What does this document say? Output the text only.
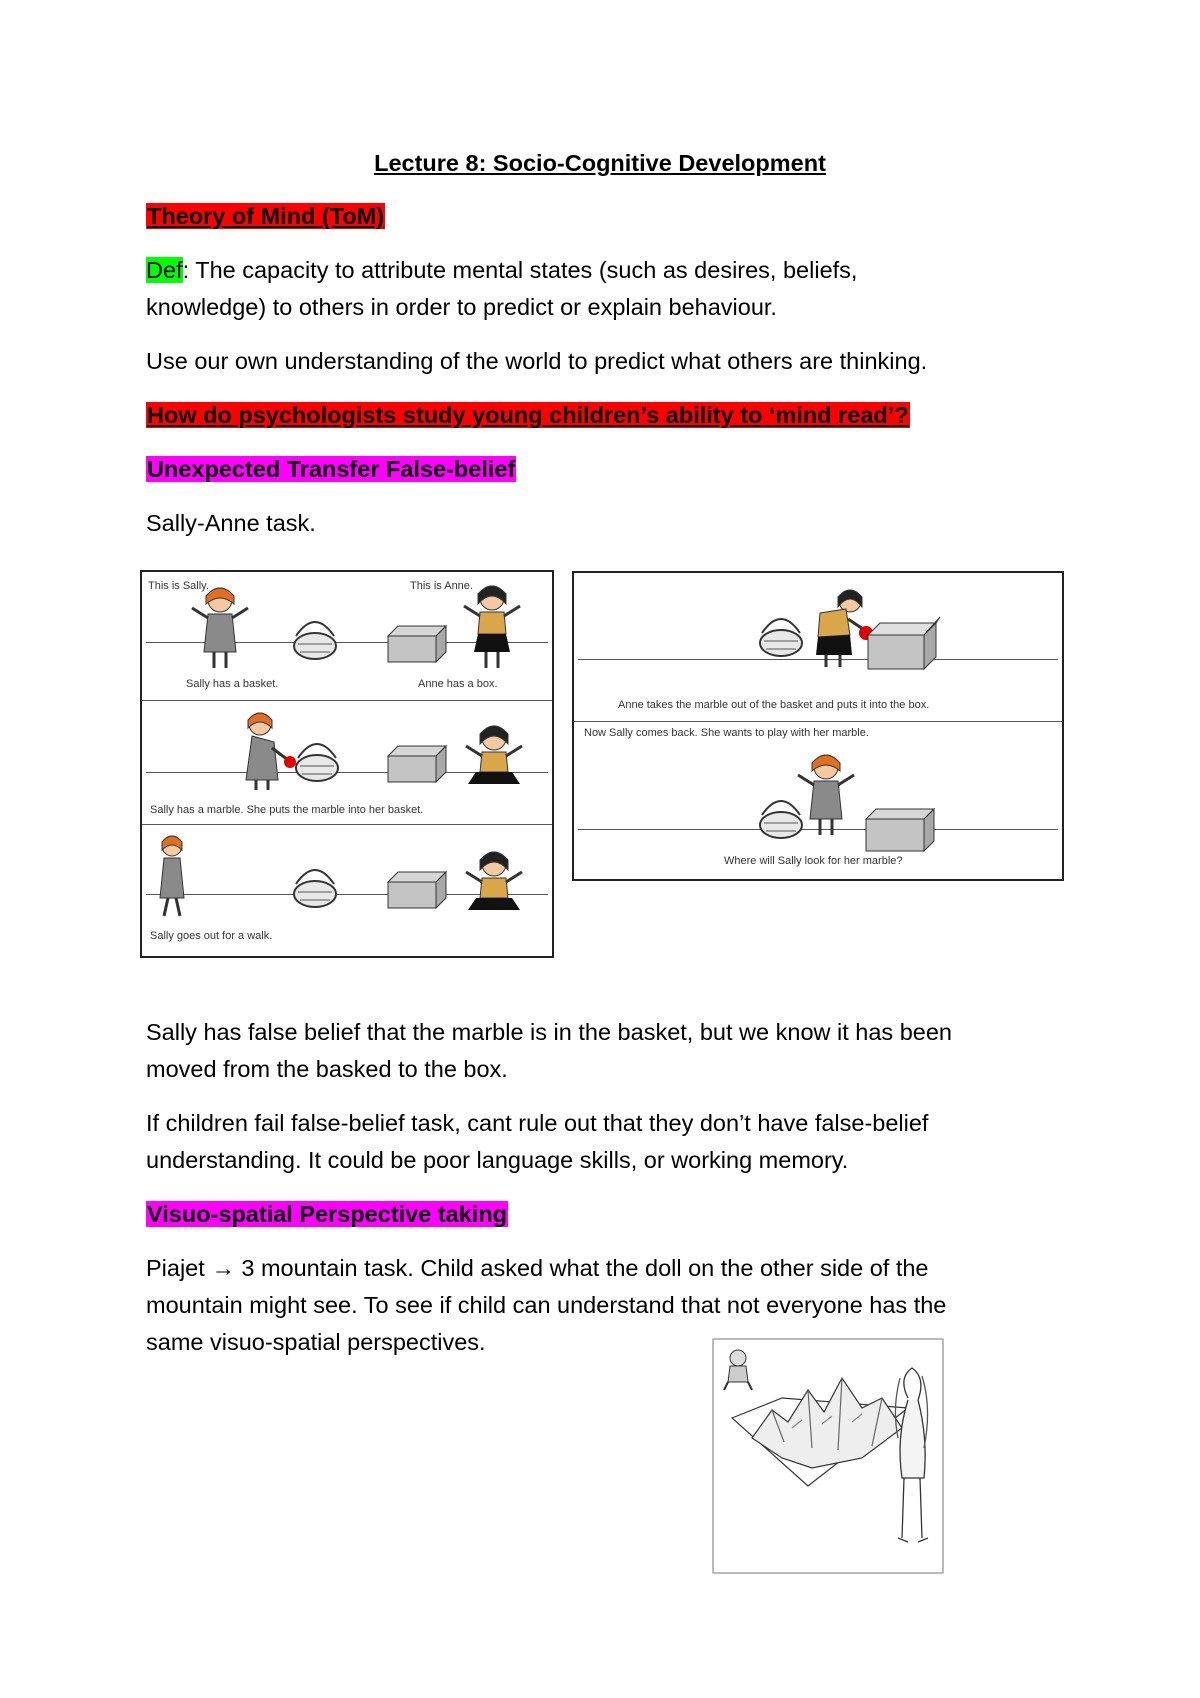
Lecture 8: Socio-Cognitive Development
Theory of Mind (ToM)
Def: The capacity to attribute mental states (such as desires, beliefs,
knowledge) to others in order to predict or explain behaviour.
Use our own understanding of the world to predict what others are thinking.
How do psychologists study young children’s ability to ‘mind read’?
Unexpected Transfer False-belief
Sally-Anne task.
This is Sally.	This is Anne.
Sally has a basket.	Anne has a box.
Sally has a marble. She puts the marble into her basket.
Sally goes out for a walk.
Anne takes the marble out of the basket and puts it into the box.
Now Sally comes back. She wants to play with her marble.
Where will Sally look for her marble?
Sally has false belief that the marble is in the basket, but we know it has been
moved from the basked to the box.
If children fail false-belief task, cant rule out that they don’t have false-belief
understanding. It could be poor language skills, or working memory.
Visuo-spatial Perspective taking
Piajet → 3 mountain task. Child asked what the doll on the other side of the
mountain might see. To see if child can understand that not everyone has the
same visuo-spatial perspectives.
